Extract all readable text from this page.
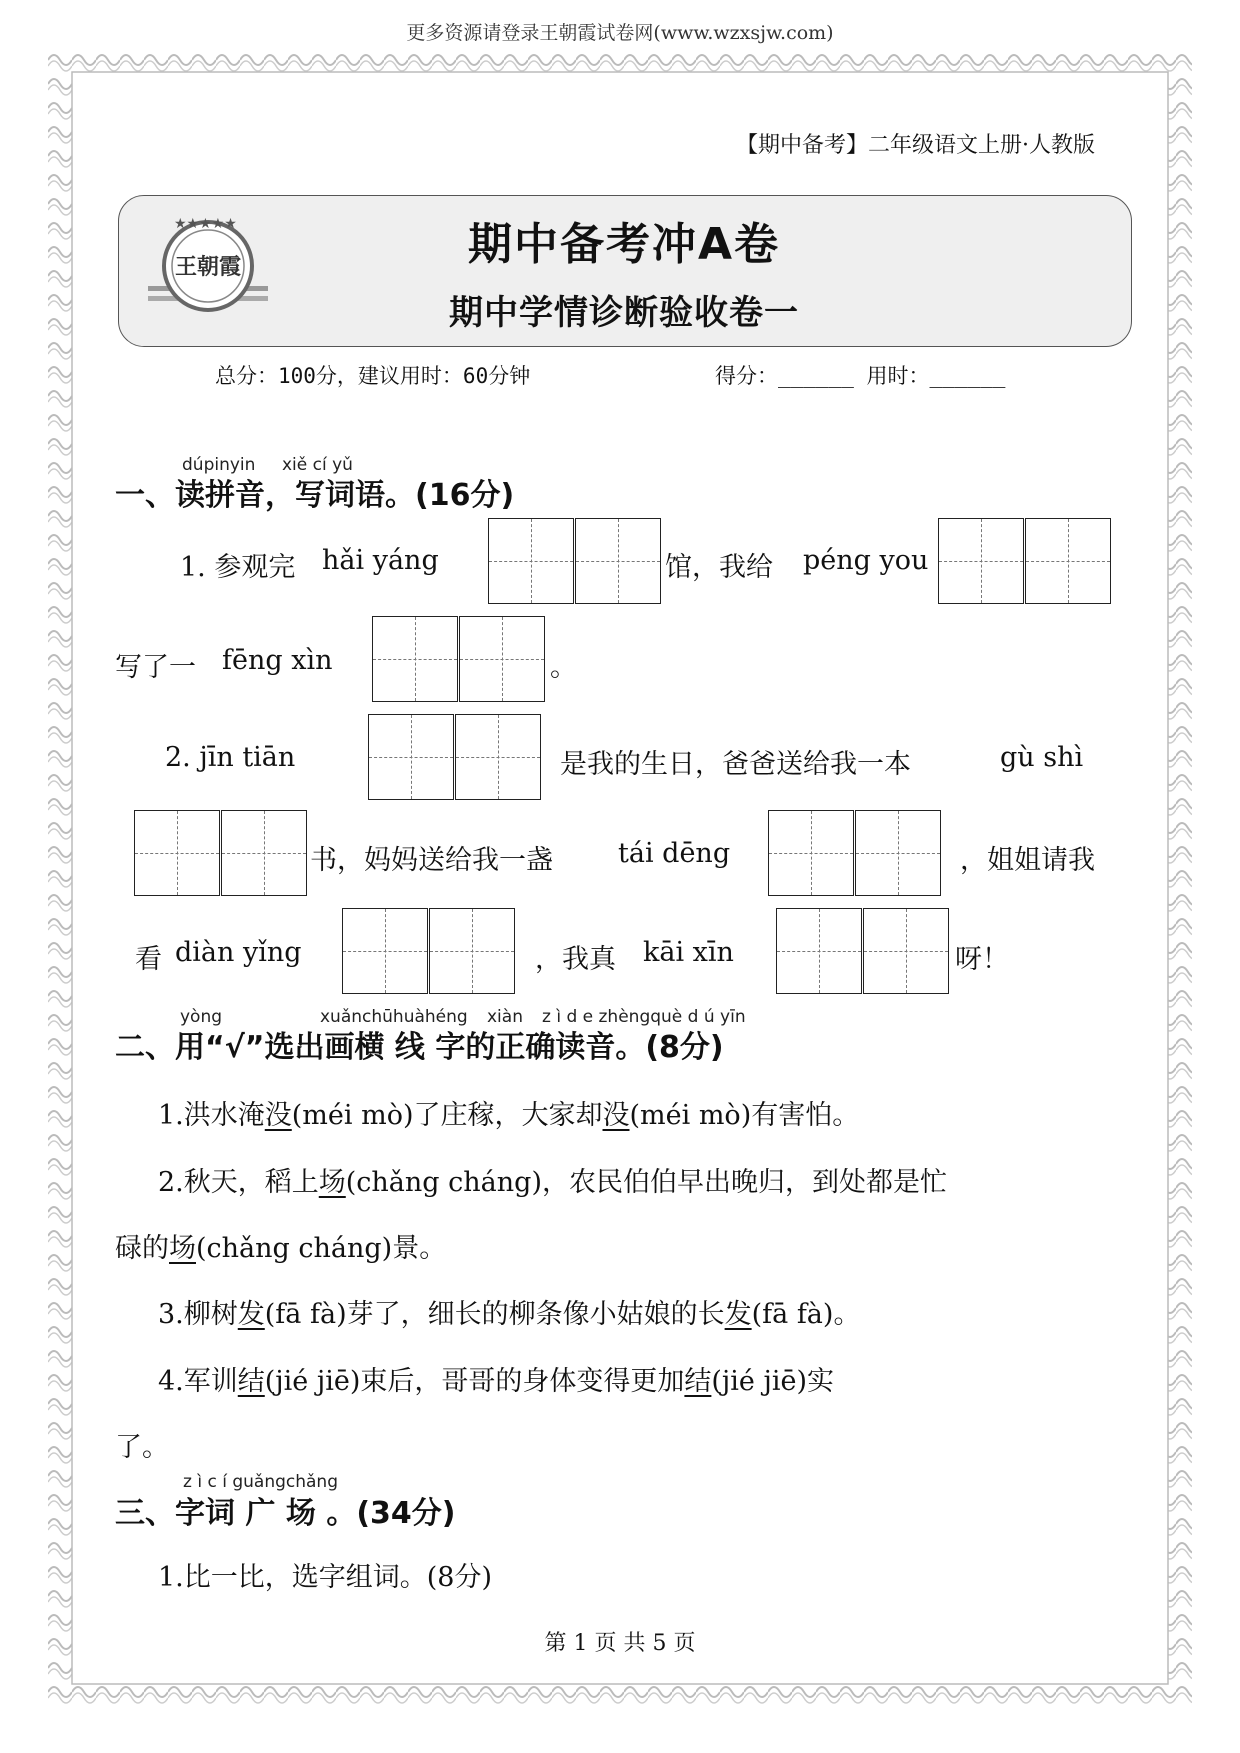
更多资源请登录王朝霞试卷网(www.wzxsjw.com)
【期中备考】二年级语文上册·人教版
★★★★★
王朝霞	期中备考冲A卷
期中学情诊断验收卷一
总分：100分，建议用时：60分钟	得分：______ 用时：______
dúpinyin xiě cí yǔ
一、读拼音，写词语。(16分)
1. 参观完 hǎi yáng	馆，我给 péng you
写了一 fēng xìn	。
2. jīn tiān	是我的生日，爸爸送给我一本	gù shì
书，妈妈送给我一盏 tái dēng	，姐姐请我
看 diàn yǐng	，我真 kāi xīn	呀！
yòng	xuǎnchūhuàhéng xiàn z ì d e zhèngquè d ú yīn
二、用“√”选出画横 线 字的正确读音。(8分)
1.洪水淹没(méi mò)了庄稼，大家却没(méi mò)有害怕。
2.秋天，稻上场(chǎng cháng)，农民伯伯早出晚归，到处都是忙
碌的场(chǎng cháng)景。
3.柳树发(fā fà)芽了，细长的柳条像小姑娘的长发(fā fà)。
4.军训结(jié jiē)束后，哥哥的身体变得更加结(jié jiē)实
了。
z ì c í guǎngchǎng
三、字词 广 场 。(34分)
1.比一比，选字组词。(8分)
第 1 页 共 5 页
